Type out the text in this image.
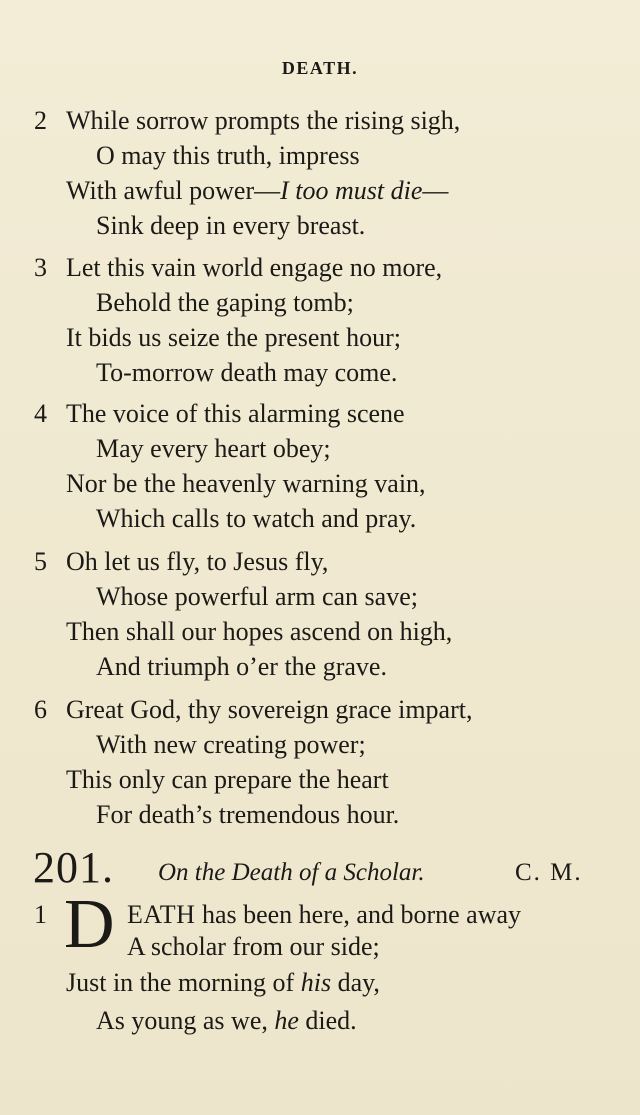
DEATH.
2 While sorrow prompts the rising sigh,
O may this truth, impress
With awful power—I too must die—
Sink deep in every breast.
3 Let this vain world engage no more,
Behold the gaping tomb;
It bids us seize the present hour;
To-morrow death may come.
4 The voice of this alarming scene
May every heart obey;
Nor be the heavenly warning vain,
Which calls to watch and pray.
5 Oh let us fly, to Jesus fly,
Whose powerful arm can save;
Then shall our hopes ascend on high,
And triumph o’er the grave.
6 Great God, thy sovereign grace impart,
With new creating power;
This only can prepare the heart
For death’s tremendous hour.
201. On the Death of a Scholar.	C. M.
1 D EATH has been here, and borne away
A scholar from our side;
Just in the morning of his day,
As young as we, he died.
